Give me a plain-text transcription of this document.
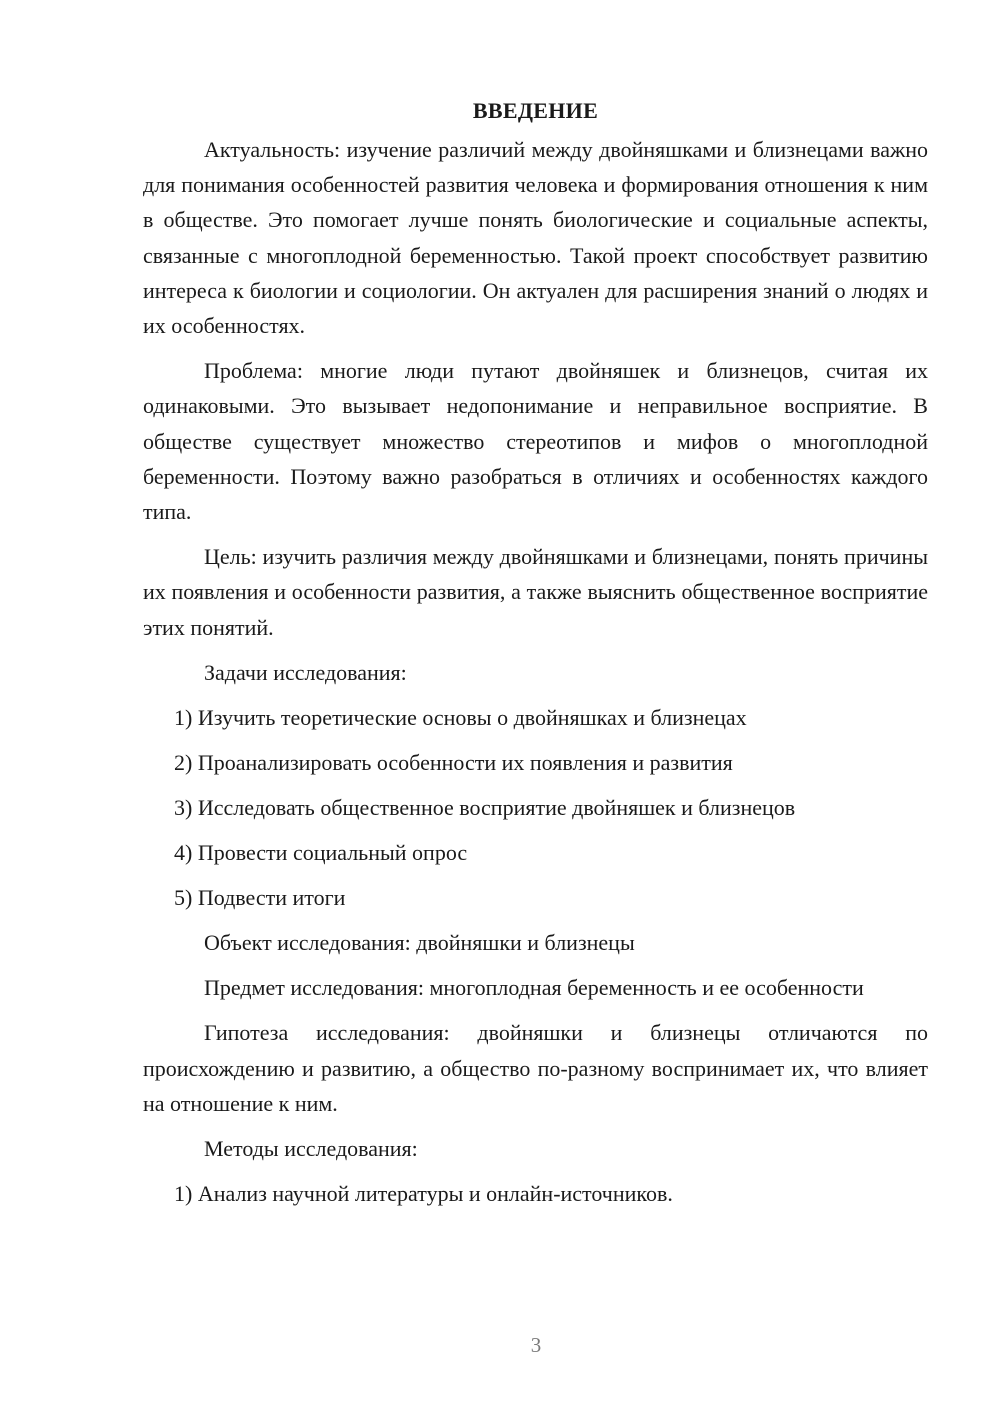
ВВЕДЕНИЕ

Актуальность: изучение различий между двойняшками и близнецами важно для понимания особенностей развития человека и формирования отношения к ним в обществе. Это помогает лучше понять биологические и социальные аспекты, связанные с многоплодной беременностью. Такой проект способствует развитию интереса к биологии и социологии. Он актуален для расширения знаний о людях и их особенностях.

Проблема: многие люди путают двойняшек и близнецов, считая их одинаковыми. Это вызывает недопонимание и неправильное восприятие. В обществе существует множество стереотипов и мифов о многоплодной беременности. Поэтому важно разобраться в отличиях и особенностях каждого типа.

Цель: изучить различия между двойняшками и близнецами, понять причины их появления и особенности развития, а также выяснить общественное восприятие этих понятий.

Задачи исследования:

1) Изучить теоретические основы о двойняшках и близнецах

2) Проанализировать особенности их появления и развития

3) Исследовать общественное восприятие двойняшек и близнецов

4) Провести социальный опрос

5) Подвести итоги

Объект исследования: двойняшки и близнецы

Предмет исследования: многоплодная беременность и ее особенности

Гипотеза исследования: двойняшки и близнецы отличаются по происхождению и развитию, а общество по-разному воспринимает их, что влияет на отношение к ним.

Методы исследования:

1) Анализ научной литературы и онлайн-источников.

3
